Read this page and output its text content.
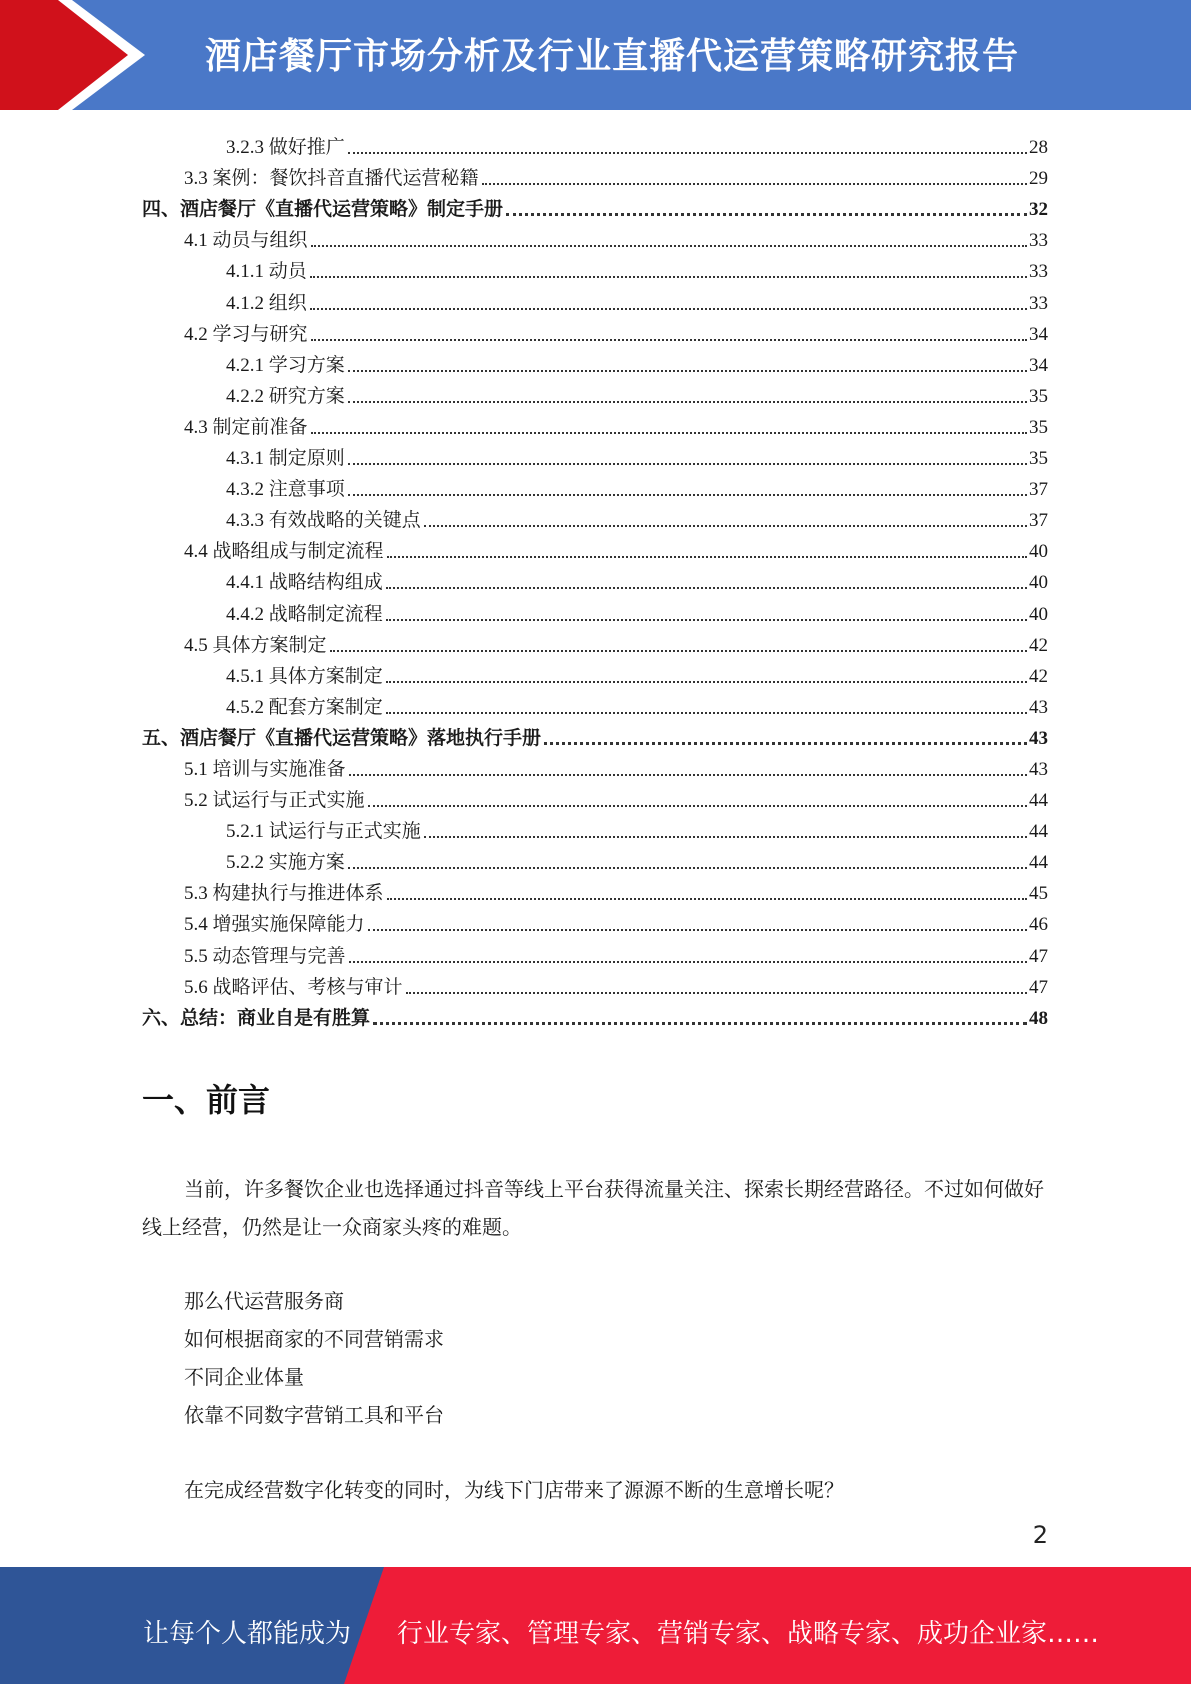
酒店餐厅市场分析及行业直播代运营策略研究报告
3.2.3 做好推广	28
3.3 案例：餐饮抖音直播代运营秘籍	29
四、酒店餐厅《直播代运营策略》制定手册	32
4.1 动员与组织	33
4.1.1 动员	33
4.1.2 组织	33
4.2 学习与研究	34
4.2.1 学习方案	34
4.2.2 研究方案	35
4.3 制定前准备	35
4.3.1 制定原则	35
4.3.2 注意事项	37
4.3.3 有效战略的关键点	37
4.4 战略组成与制定流程	40
4.4.1 战略结构组成	40
4.4.2 战略制定流程	40
4.5 具体方案制定	42
4.5.1 具体方案制定	42
4.5.2 配套方案制定	43
五、酒店餐厅《直播代运营策略》落地执行手册	43
5.1 培训与实施准备	43
5.2 试运行与正式实施	44
5.2.1 试运行与正式实施	44
5.2.2 实施方案	44
5.3 构建执行与推进体系	45
5.4 增强实施保障能力	46
5.5 动态管理与完善	47
5.6 战略评估、考核与审计	47
六、总结：商业自是有胜算	48
一、前言
当前，许多餐饮企业也选择通过抖音等线上平台获得流量关注、探索长期经营路径。不过如何做好线上经营，仍然是让一众商家头疼的难题。
那么代运营服务商
如何根据商家的不同营销需求
不同企业体量
依靠不同数字营销工具和平台
在完成经营数字化转变的同时，为线下门店带来了源源不断的生意增长呢？
2
让每个人都能成为 行业专家、管理专家、营销专家、战略专家、成功企业家……
